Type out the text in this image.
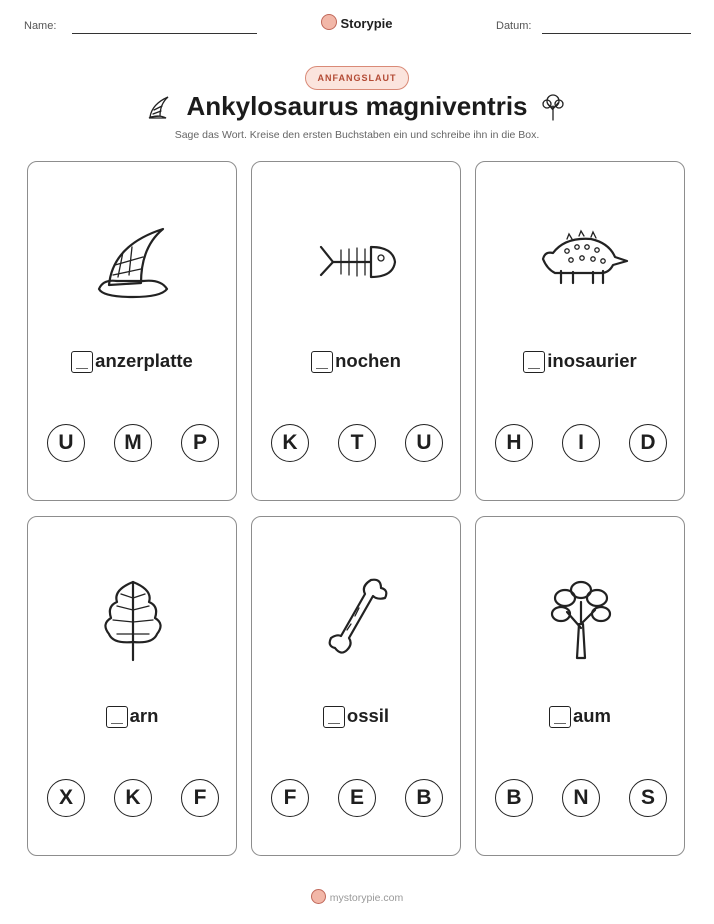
Name:	Storypie	Datum:
ANFANGSLAUT
Ankylosaurus magniventris
Sage das Wort. Kreise den ersten Buchstaben ein und schreibe ihn in die Box.
anzerplatte
U	M	P
nochen
K	T	U
inosaurier
H	I	D
arn
X	K	F
ossil
F	E	B
aum
B	N	S
mystorypie.com
